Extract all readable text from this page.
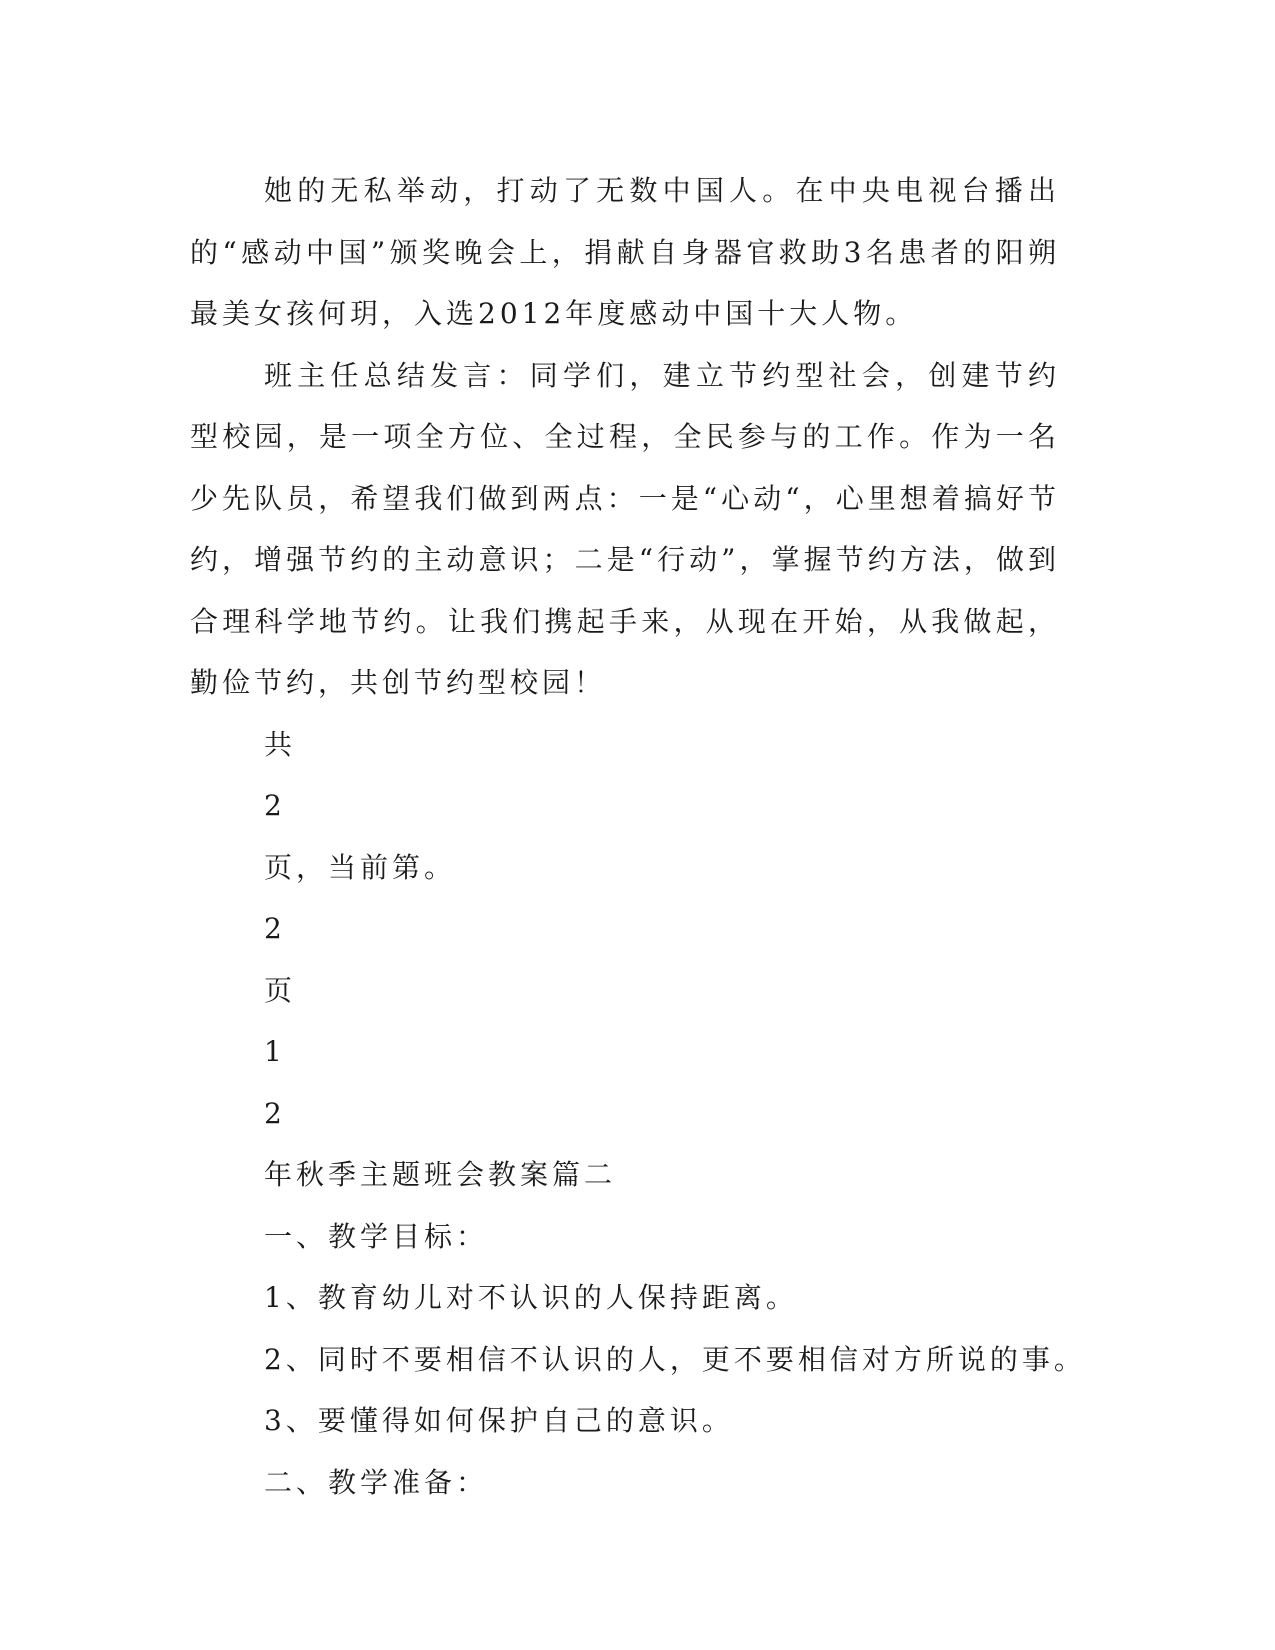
她的无私举动，打动了无数中国人。在中央电视台播出的“感动中国”颁奖晚会上，捐献自身器官救助3名患者的阳朔最美女孩何玥，入选2012年度感动中国十大人物。

班主任总结发言：同学们，建立节约型社会，创建节约型校园，是一项全方位、全过程，全民参与的工作。作为一名少先队员，希望我们做到两点：一是“心动“，心里想着搞好节约，增强节约的主动意识；二是“行动”，掌握节约方法，做到合理科学地节约。让我们携起手来，从现在开始，从我做起，勤俭节约，共创节约型校园！

共

2

页，当前第。

2

页

1

2

年秋季主题班会教案篇二

一、教学目标：

1、教育幼儿对不认识的人保持距离。

2、同时不要相信不认识的人，更不要相信对方所说的事。

3、要懂得如何保护自己的意识。

二、教学准备：
